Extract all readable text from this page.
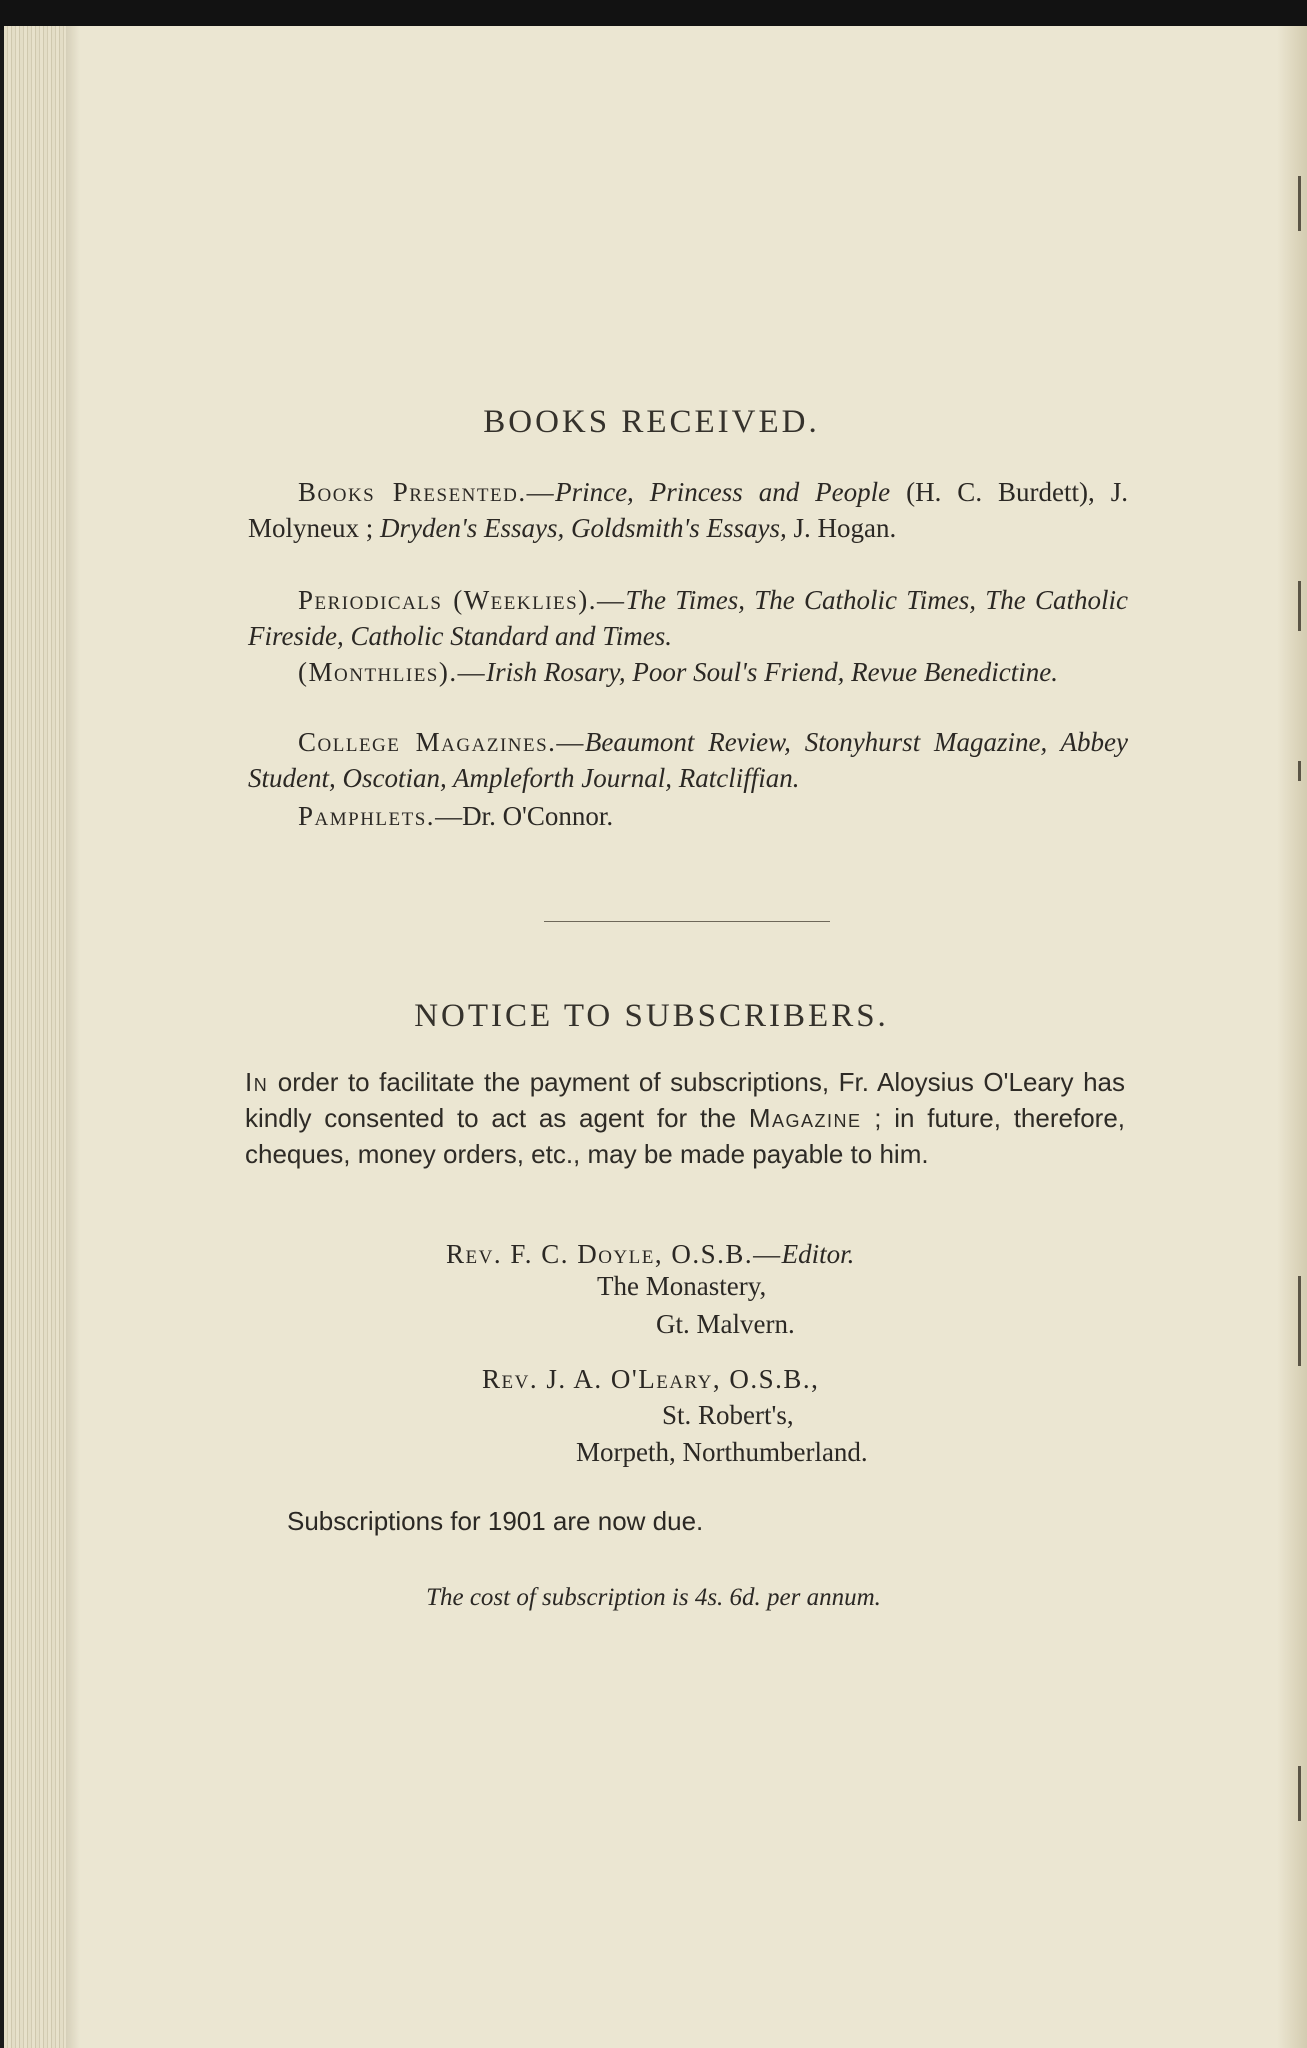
BOOKS RECEIVED.

Books Presented.—Prince, Princess and People (H. C. Burdett), J. Molyneux ; Dryden's Essays, Goldsmith's Essays, J. Hogan.

Periodicals (Weeklies).—The Times, The Catholic Times, The Catholic Fireside, Catholic Standard and Times.

(Monthlies).—Irish Rosary, Poor Soul's Friend, Revue Benedictine.

College Magazines.—Beaumont Review, Stonyhurst Magazine, Abbey Student, Oscotian, Ampleforth Journal, Ratcliffian.

Pamphlets.—Dr. O'Connor.

NOTICE TO SUBSCRIBERS.

In order to facilitate the payment of subscriptions, Fr. Aloysius O'Leary has kindly consented to act as agent for the Magazine ; in future, therefore, cheques, money orders, etc., may be made payable to him.

Rev. F. C. Doyle, O.S.B.—Editor.

The Monastery,

Gt. Malvern.

Rev. J. A. O'Leary, O.S.B.,

St. Robert's,

Morpeth, Northumberland.

Subscriptions for 1901 are now due.

The cost of subscription is 4s. 6d. per annum.
